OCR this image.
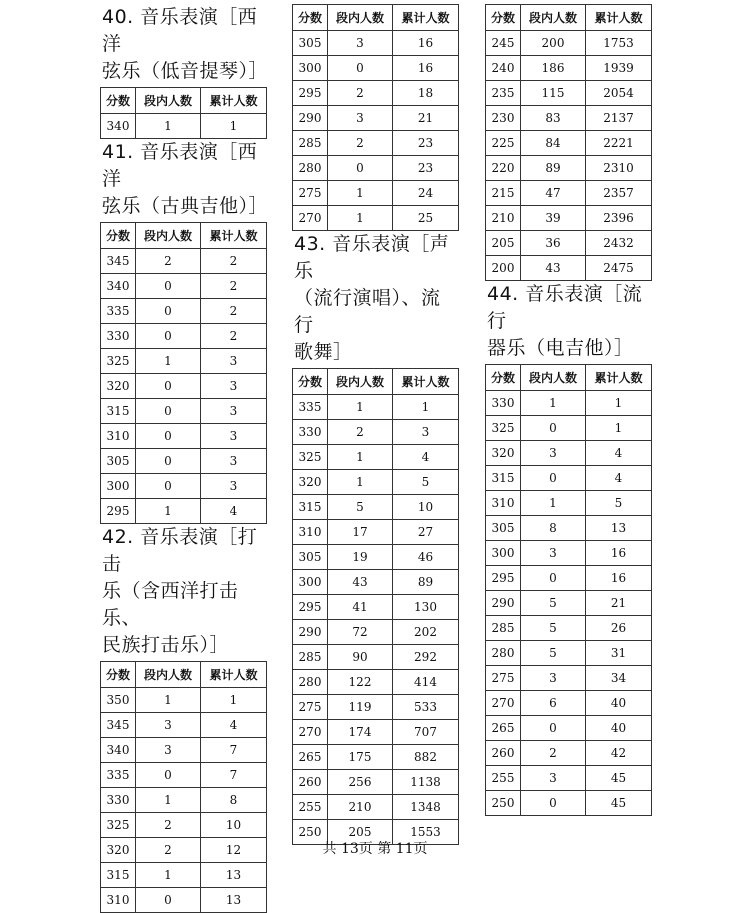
40. 音乐表演［西洋
弦乐（低音提琴）］
分数	段内人数	累计人数
340	1	1
41. 音乐表演［西洋
弦乐（古典吉他）］
分数	段内人数	累计人数
345	2	2
340	0	2
335	0	2
330	0	2
325	1	3
320	0	3
315	0	3
310	0	3
305	0	3
300	0	3
295	1	4
42. 音乐表演［打击
乐（含西洋打击乐、
民族打击乐）］
分数	段内人数	累计人数
350	1	1
345	3	4
340	3	7
335	0	7
330	1	8
325	2	10
320	2	12
315	1	13
310	0	13
分数	段内人数	累计人数
305	3	16
300	0	16
295	2	18
290	3	21
285	2	23
280	0	23
275	1	24
270	1	25
43. 音乐表演［声乐
（流行演唱）、流行
歌舞］
分数	段内人数	累计人数
335	1	1
330	2	3
325	1	4
320	1	5
315	5	10
310	17	27
305	19	46
300	43	89
295	41	130
290	72	202
285	90	292
280	122	414
275	119	533
270	174	707
265	175	882
260	256	1138
255	210	1348
250	205	1553
分数	段内人数	累计人数
245	200	1753
240	186	1939
235	115	2054
230	83	2137
225	84	2221
220	89	2310
215	47	2357
210	39	2396
205	36	2432
200	43	2475
44. 音乐表演［流行
器乐（电吉他）］
分数	段内人数	累计人数
330	1	1
325	0	1
320	3	4
315	0	4
310	1	5
305	8	13
300	3	16
295	0	16
290	5	21
285	5	26
280	5	31
275	3	34
270	6	40
265	0	40
260	2	42
255	3	45
250	0	45
共 13页 第 11页
